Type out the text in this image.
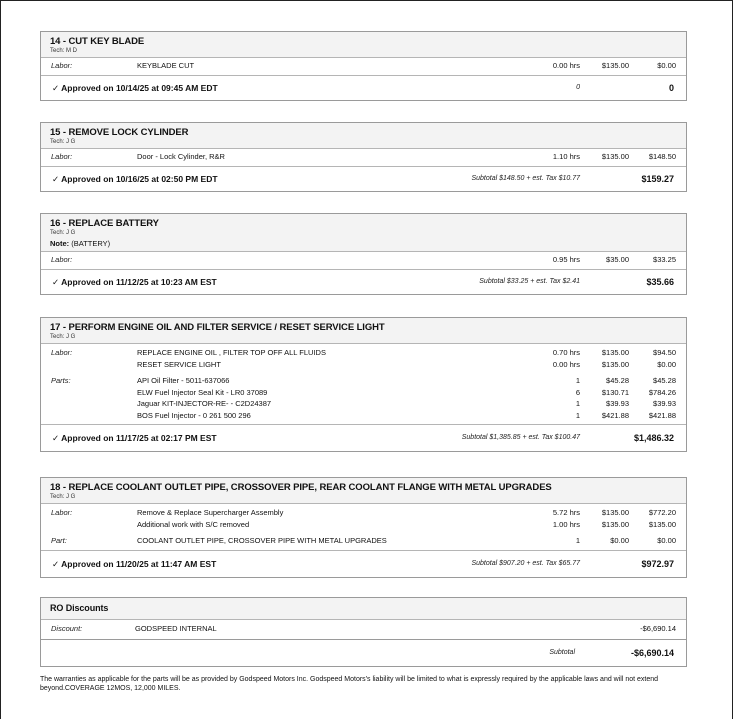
14 - CUT KEY BLADE
Tech: M D
Labor:	KEYBLADE CUT	0.00 hrs	$135.00	$0.00
✓ Approved on 10/14/25 at 09:45 AM EDT	0	0
15 - REMOVE LOCK CYLINDER
Tech: J G
Labor:	Door - Lock Cylinder, R&R	1.10 hrs	$135.00	$148.50
✓ Approved on 10/16/25 at 02:50 PM EDT	Subtotal $148.50 + est. Tax $10.77	$159.27
16 - REPLACE BATTERY
Tech: J G
Note: (BATTERY)
Labor:	0.95 hrs	$35.00	$33.25
✓ Approved on 11/12/25 at 10:23 AM EST	Subtotal $33.25 + est. Tax $2.41	$35.66
17 - PERFORM ENGINE OIL AND FILTER SERVICE / RESET SERVICE LIGHT
Tech: J G
Labor:	REPLACE ENGINE OIL , FILTER TOP OFF ALL FLUIDS	0.70 hrs	$135.00	$94.50
RESET SERVICE LIGHT	0.00 hrs	$135.00	$0.00
Parts:	API Oil Filter - 5011-637066	1	$45.28	$45.28
ELW Fuel Injector Seal Kit - LR0 37089	6	$130.71	$784.26
Jaguar KIT-INJECTOR-RE- - C2D24387	1	$39.93	$39.93
BOS Fuel Injector - 0 261 500 296	1	$421.88	$421.88
✓ Approved on 11/17/25 at 02:17 PM EST	Subtotal $1,385.85 + est. Tax $100.47	$1,486.32
18 - REPLACE COOLANT OUTLET PIPE, CROSSOVER PIPE, REAR COOLANT FLANGE WITH METAL UPGRADES
Tech: J G
Labor:	Remove & Replace Supercharger Assembly	5.72 hrs	$135.00	$772.20
Additional work with S/C removed	1.00 hrs	$135.00	$135.00
Part:	COOLANT OUTLET PIPE, CROSSOVER PIPE WITH METAL UPGRADES	1	$0.00	$0.00
✓ Approved on 11/20/25 at 11:47 AM EST	Subtotal $907.20 + est. Tax $65.77	$972.97
RO Discounts
Discount:	GODSPEED INTERNAL	-$6,690.14
Subtotal	-$6,690.14
The warranties as applicable for the parts will be as provided by Godspeed Motors Inc. Godspeed Motors's liability will be limited to what is expressly required by the applicable laws and will not extend beyond.COVERAGE 12MOS, 12,000 MILES.
